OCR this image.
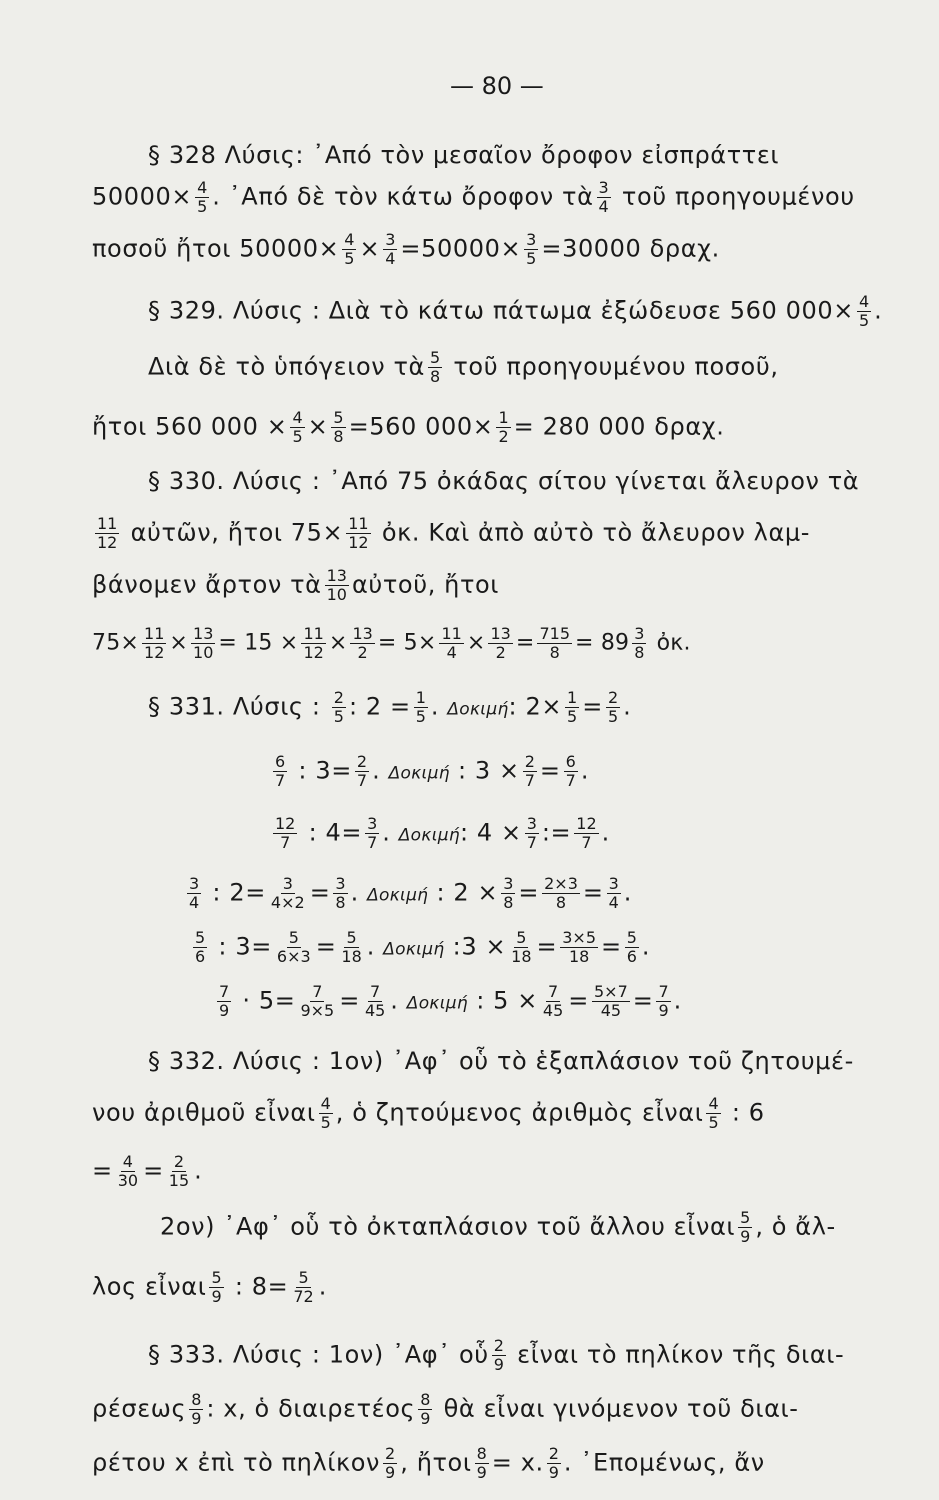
— 80 —
§ 328 Λύσις: ᾿Από τὸν μεσαῖον ὄροφον εἰσπράττει
$50000\times \frac{4}{5}$ . ᾿Από δὲ τὸν κάτω ὄροφον τὰ $\frac{3}{4}$ τοῦ προηγουμένου
ποσοῦ ἤτοι $50000\times \frac{4}{5} \times \frac{3}{4} =50000\times \frac{3}{5} =30000$ δραχ.
§ 329. Λύσις : Διὰ τὸ κάτω πάτωμα ἐξώδευσε 560 $000\times \frac{4}{5}$ .
Διὰ δὲ τὸ ὑπόγειον τὰ $\frac{5}{8}$ τοῦ προηγουμένου ποσοῦ,
ἤτοι 560 $000 \times \frac{4}{5} \times \frac{5}{8} =560$ $000\times \frac{1}{2} = 280$ 000 δραχ.
§ 330. Λύσις : ᾿Από 75 ὀκάδας σίτου γίνεται ἄλευρον τὰ
$\frac{11}{12}$ αὐτῶν, ἤτοι $75\times \frac{11}{12}$ ὀκ. Καὶ ἀπὸ αὐτὸ τὸ ἄλευρον λαμ-
βάνομεν ἄρτον τὰ $\frac{13}{10}$ αὐτοῦ, ἤτοι
$75\times \frac{11}{12} \times \frac{13}{10} = 15 \times \frac{11}{12} \times \frac{13}{2} = 5\times \frac{11}{4} \times \frac{13}{2} = \frac{715}{8} = 89 \frac{3}{8}$ ὀκ.
§ 331. Λύσις : $\frac{2}{5}$ : $2 = \frac{1}{5}$ . Δοκιμή: $2\times \frac{1}{5} = \frac{2}{5}$ .
$\frac{6}{7}$ : $3= \frac{2}{7}$ . Δοκιμή : $3 \times \frac{2}{7} = \frac{6}{7}$ .
$\frac{12}{7}$ : $4= \frac{3}{7}$ . Δοκιμή: $4 \times \frac{3}{7}$ := $\frac{12}{7}$ .
$\frac{3}{4}$ : $2= \frac{3}{4\times 2} = \frac{3}{8}$ . Δοκιμή : $2 \times \frac{3}{8} = \frac{2\times 3}{8} = \frac{3}{4}$ .
$\frac{5}{6}$ : $3= \frac{5}{6\times 3} = \frac{5}{18}$ . Δοκιμή :3 × $\frac{5}{18} = \frac{3\times 5}{18} = \frac{5}{6}$ .
$\frac{7}{9} \cdot 5= \frac{7}{9\times 5} = \frac{7}{45}$ . Δοκιμή : $5 \times \frac{7}{45} = \frac{5\times 7}{45} = \frac{7}{9}$ .
§ 332. Λύσις : 1ον) ᾿Αφ᾿ οὗ τὸ ἑξαπλάσιον τοῦ ζητουμέ-
νου ἀριθμοῦ εἶναι $\frac{4}{5}$ , ὁ ζητούμενος ἀριθμὸς εἶναι $\frac{4}{5}$ : 6
= $\frac{4}{30} = \frac{2}{15}$ .
2ον) ᾿Αφ᾿ οὗ τὸ ὀκταπλάσιον τοῦ ἄλλου εἶναι $\frac{5}{9}$ , ὁ ἄλ-
λος εἶναι $\frac{5}{9}$ : $8= \frac{5}{72}$ .
§ 333. Λύσις : 1ον) ᾿Αφ᾿ οὗ $\frac{2}{9}$ εἶναι τὸ πηλίκον τῆς διαι-
ρέσεως $\frac{8}{9}$ : x, ὁ διαιρετέος $\frac{8}{9}$ θὰ εἶναι γινόμενον τοῦ διαι-
ρέτου x ἐπὶ τὸ πηλίκον $\frac{2}{9}$ , ἤτοι $\frac{8}{9} = x$. $\frac{2}{9}$ . ᾿Επομένως, ἄν
